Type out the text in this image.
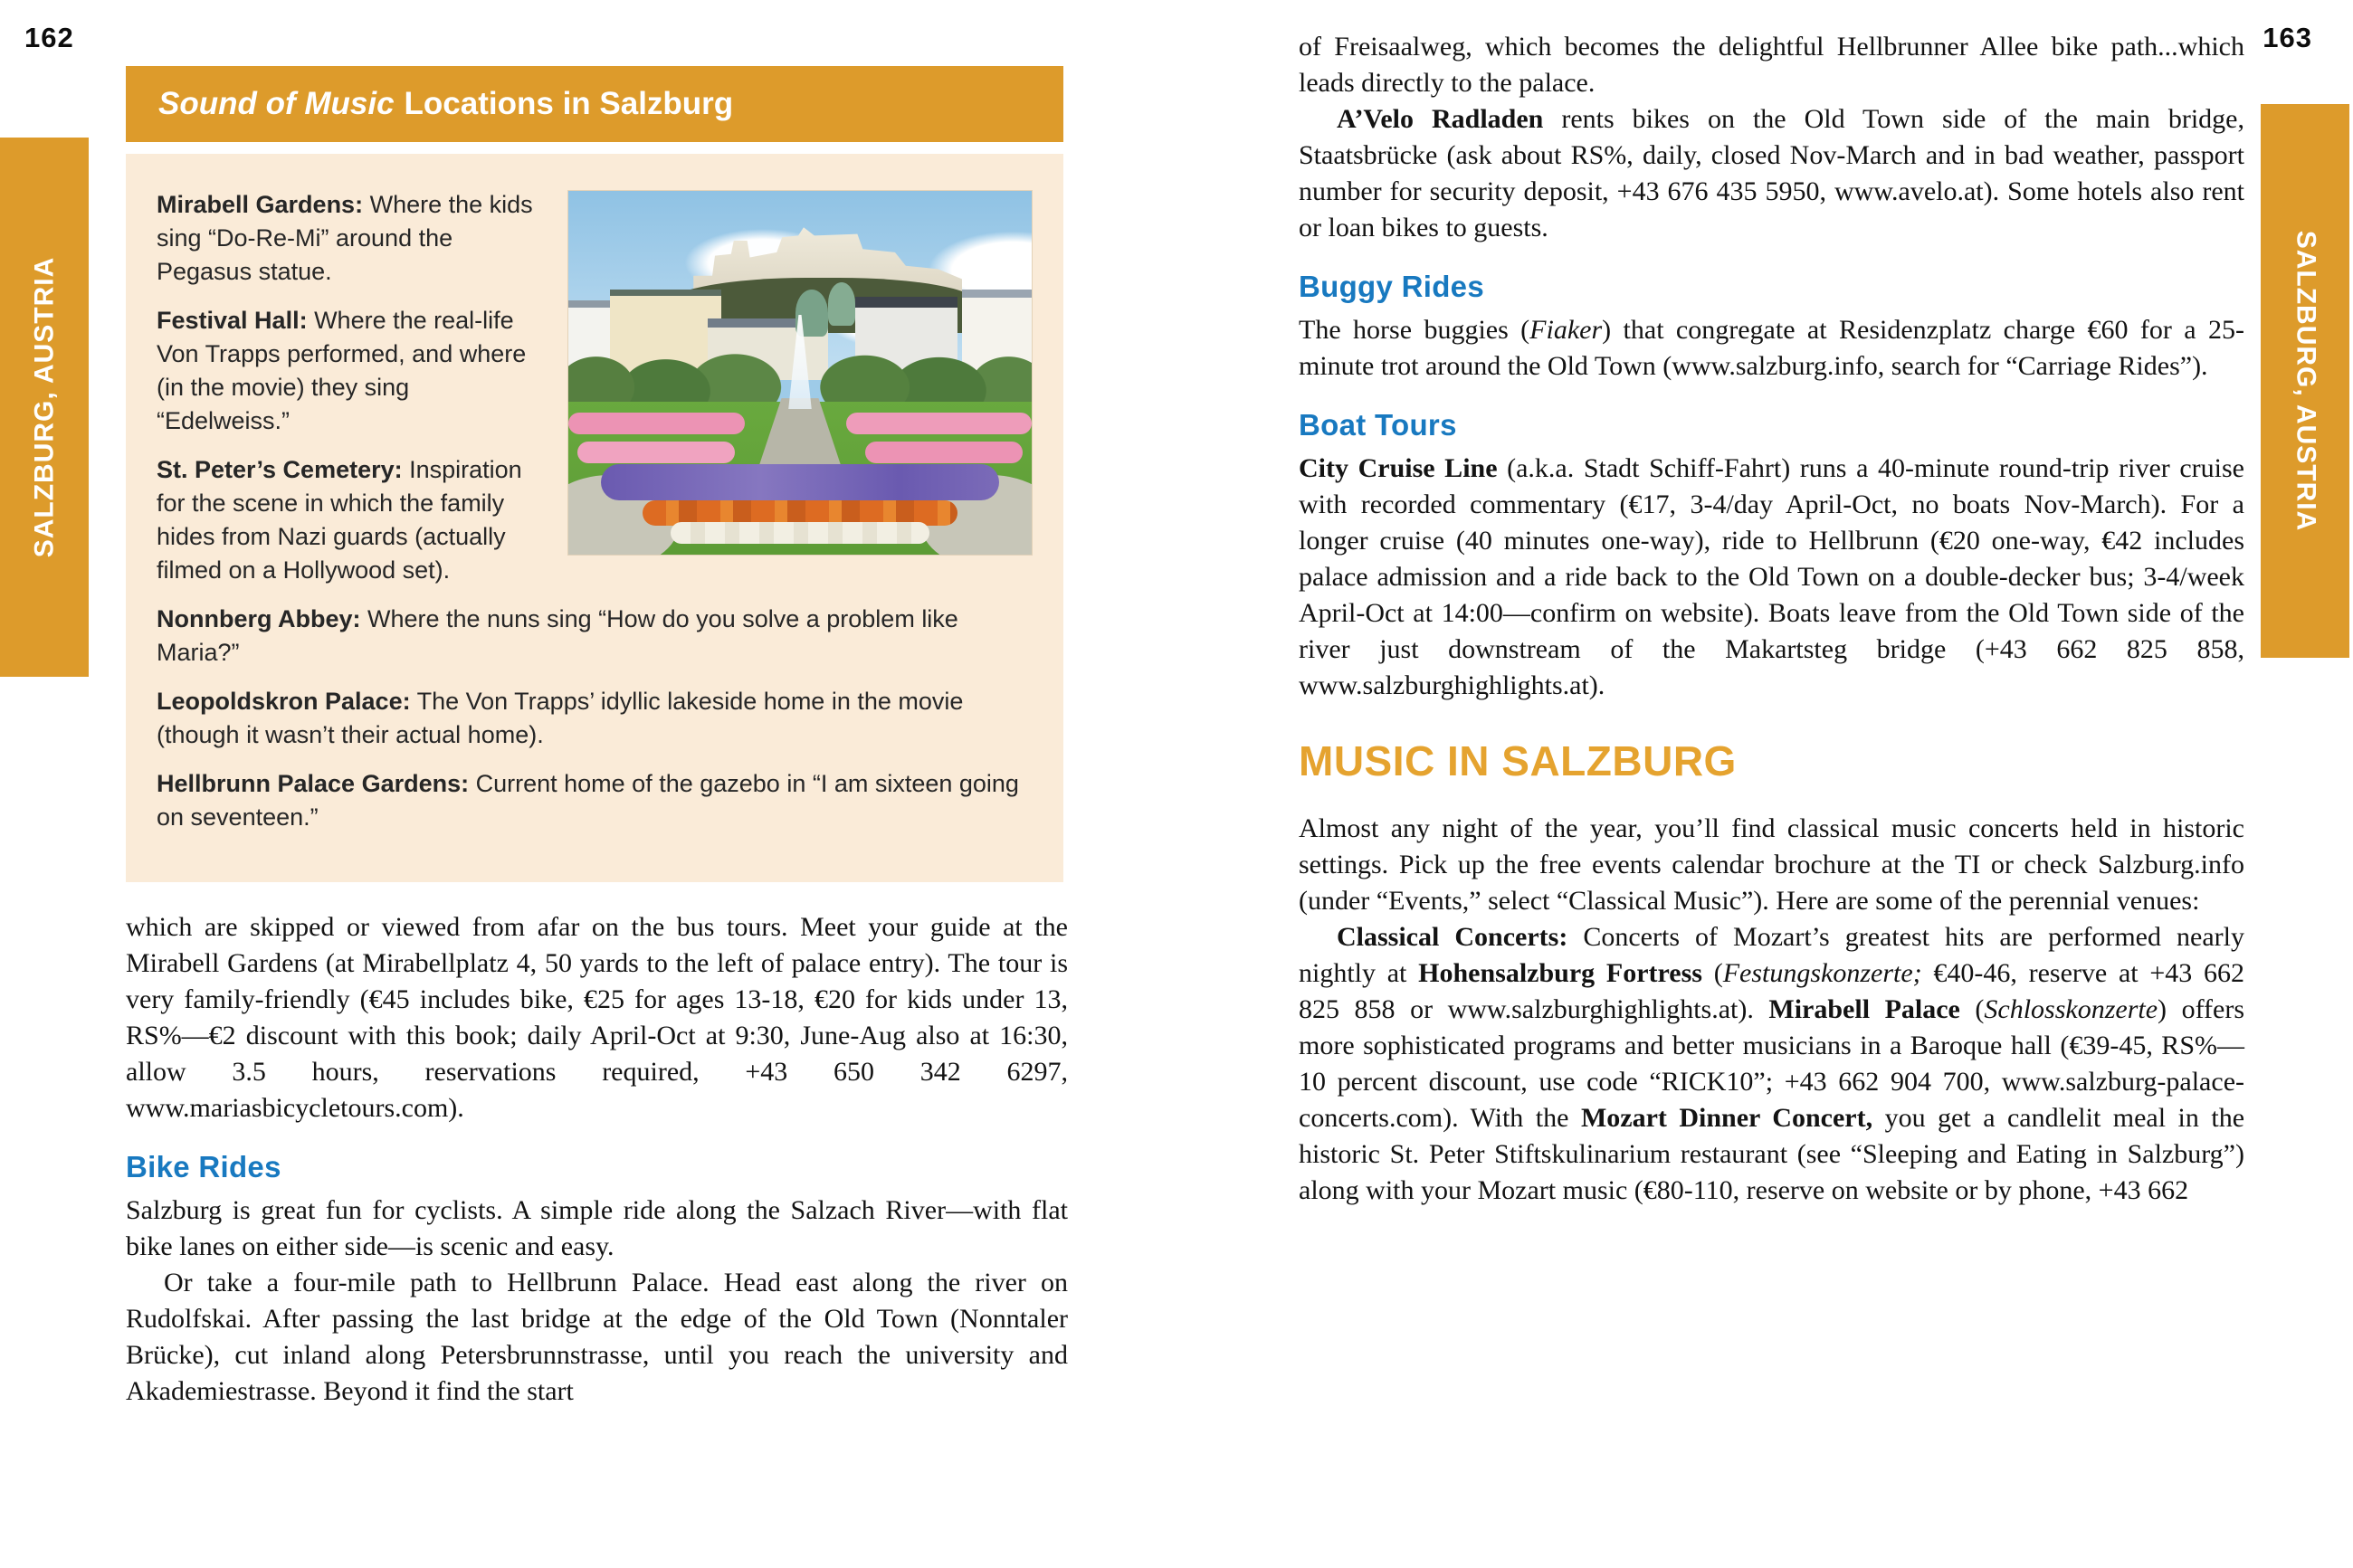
162
SALZBURG, AUSTRIA
Sound of Music Locations in Salzburg

Mirabell Gardens: Where the kids sing “Do-Re-Mi” around the Pegasus statue.

Festival Hall: Where the real-life Von Trapps performed, and where (in the movie) they sing “Edelweiss.”

St. Peter’s Cemetery: Inspiration for the scene in which the family hides from Nazi guards (actually filmed on a Hollywood set).

Nonnberg Abbey: Where the nuns sing “How do you solve a problem like Maria?”

Leopoldskron Palace: The Von Trapps’ idyllic lakeside home in the movie (though it wasn’t their actual home).

Hellbrunn Palace Gardens: Current home of the gazebo in “I am sixteen going on seventeen.”

which are skipped or viewed from afar on the bus tours. Meet your guide at the Mirabell Gardens (at Mirabellplatz 4, 50 yards to the left of palace entry). The tour is very family-friendly (€45 includes bike, €25 for ages 13-18, €20 for kids under 13, RS%—€2 discount with this book; daily April-Oct at 9:30, June-Aug also at 16:30, allow 3.5 hours, reservations required, +43 650 342 6297, www.mariasbicycletours.com).

Bike Rides

Salzburg is great fun for cyclists. A simple ride along the Salzach River—with flat bike lanes on either side—is scenic and easy.

Or take a four-mile path to Hellbrunn Palace. Head east along the river on Rudolfskai. After passing the last bridge at the edge of the Old Town (Nonntaler Brücke), cut inland along Petersbrunnstrasse, until you reach the university and Akademiestrasse. Beyond it find the start

163
SALZBURG, AUSTRIA

of Freisaalweg, which becomes the delightful Hellbrunner Allee bike path...which leads directly to the palace.

A’Velo Radladen rents bikes on the Old Town side of the main bridge, Staatsbrücke (ask about RS%, daily, closed Nov-March and in bad weather, passport number for security deposit, +43 676 435 5950, www.avelo.at). Some hotels also rent or loan bikes to guests.

Buggy Rides

The horse buggies (Fiaker) that congregate at Residenzplatz charge €60 for a 25-minute trot around the Old Town (www.salzburg.info, search for “Carriage Rides”).

Boat Tours

City Cruise Line (a.k.a. Stadt Schiff-Fahrt) runs a 40-minute round-trip river cruise with recorded commentary (€17, 3-4/day April-Oct, no boats Nov-March). For a longer cruise (40 minutes one-way), ride to Hellbrunn (€20 one-way, €42 includes palace admission and a ride back to the Old Town on a double-decker bus; 3-4/week April-Oct at 14:00—confirm on website). Boats leave from the Old Town side of the river just downstream of the Makartsteg bridge (+43 662 825 858, www.salzburghighlights.at).

MUSIC IN SALZBURG

Almost any night of the year, you’ll find classical music concerts held in historic settings. Pick up the free events calendar brochure at the TI or check Salzburg.info (under “Events,” select “Classical Music”). Here are some of the perennial venues:

Classical Concerts: Concerts of Mozart’s greatest hits are performed nearly nightly at Hohensalzburg Fortress (Festungskonzerte; €40-46, reserve at +43 662 825 858 or www.salzburghighlights.at). Mirabell Palace (Schlosskonzerte) offers more sophisticated programs and better musicians in a Baroque hall (€39-45, RS%—10 percent discount, use code “RICK10”; +43 662 904 700, www.salzburg-palace-concerts.com). With the Mozart Dinner Concert, you get a candlelit meal in the historic St. Peter Stiftskulinarium restaurant (see “Sleeping and Eating in Salzburg”) along with your Mozart music (€80-110, reserve on website or by phone, +43 662
